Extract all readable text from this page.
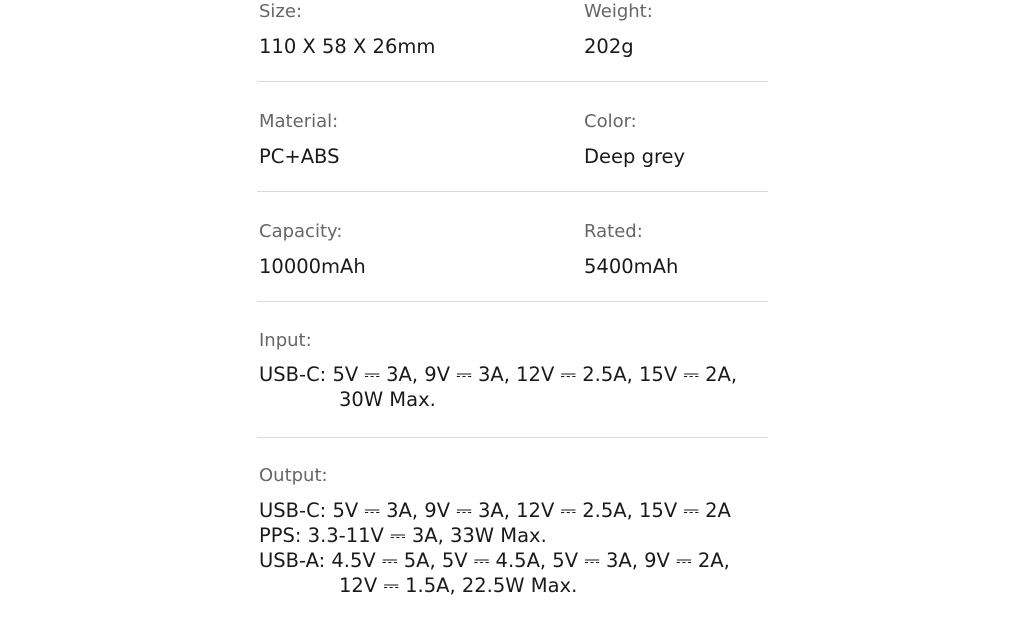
Size:

110 X 58 X 26mm

Weight:

202g

Material:

PC+ABS

Color:

Deep grey

Capacity:

10000mAh

Rated:

5400mAh

Input:

USB-C: 5V ⎓ 3A, 9V ⎓ 3A, 12V ⎓ 2.5A, 15V ⎓ 2A,

30W Max.

Output:

USB-C: 5V ⎓ 3A, 9V ⎓ 3A, 12V ⎓ 2.5A, 15V ⎓ 2A

PPS: 3.3-11V ⎓ 3A, 33W Max.

USB-A: 4.5V ⎓ 5A, 5V ⎓ 4.5A, 5V ⎓ 3A, 9V ⎓ 2A,

12V ⎓ 1.5A, 22.5W Max.
